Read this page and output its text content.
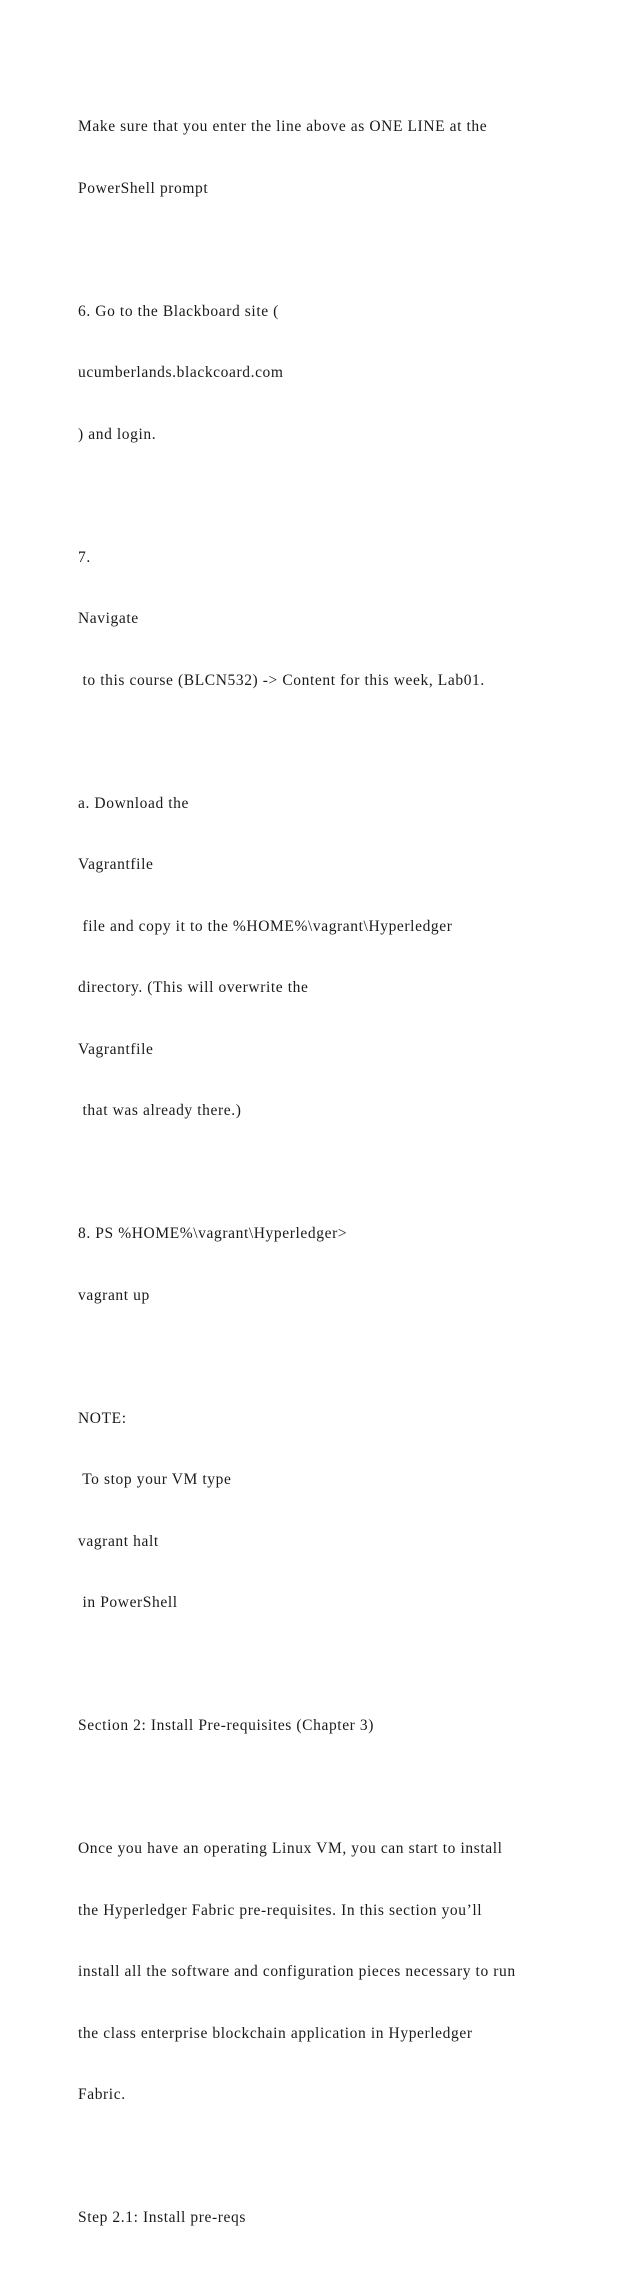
Make sure that you enter the line above as ONE LINE at the

PowerShell prompt

6. Go to the Blackboard site (

ucumberlands.blackcoard.com

) and login.

7.

Navigate

to this course (BLCN532) -> Content for this week, Lab01.

a. Download the

Vagrantfile

file and copy it to the %HOME%\vagrant\Hyperledger

directory. (This will overwrite the

Vagrantfile

that was already there.)

8. PS %HOME%\vagrant\Hyperledger>

vagrant up

NOTE:

To stop your VM type

vagrant halt

in PowerShell

Section 2: Install Pre-requisites (Chapter 3)

Once you have an operating Linux VM, you can start to install

the Hyperledger Fabric pre-requisites. In this section you’ll

install all the software and configuration pieces necessary to run

the class enterprise blockchain application in Hyperledger

Fabric.

Step 2.1: Install pre-reqs
